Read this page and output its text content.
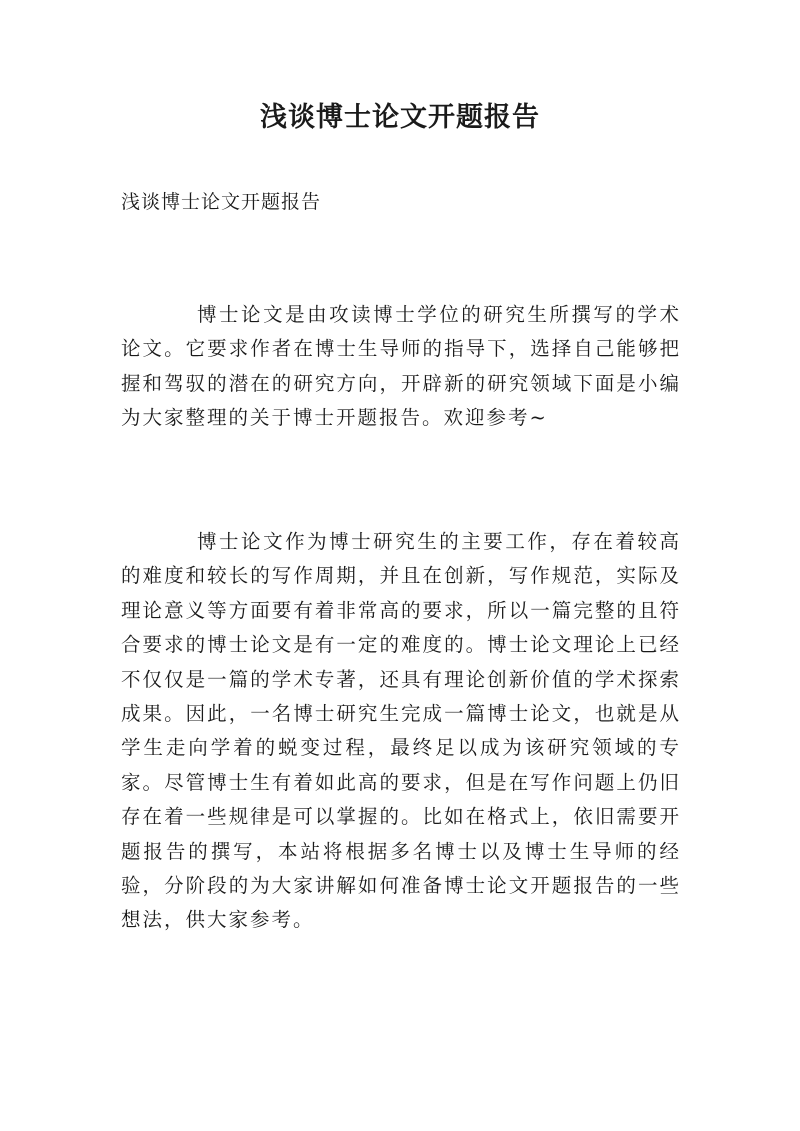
浅谈博士论文开题报告

浅谈博士论文开题报告

博士论文是由攻读博士学位的研究生所撰写的学术论文。它要求作者在博士生导师的指导下，选择自己能够把握和驾驭的潜在的研究方向，开辟新的研究领域下面是小编为大家整理的关于博士开题报告。欢迎参考~

博士论文作为博士研究生的主要工作，存在着较高的难度和较长的写作周期，并且在创新，写作规范，实际及理论意义等方面要有着非常高的要求，所以一篇完整的且符合要求的博士论文是有一定的难度的。博士论文理论上已经不仅仅是一篇的学术专著，还具有理论创新价值的学术探索成果。因此，一名博士研究生完成一篇博士论文，也就是从学生走向学着的蜕变过程，最终足以成为该研究领域的专家。尽管博士生有着如此高的要求，但是在写作问题上仍旧存在着一些规律是可以掌握的。比如在格式上，依旧需要开题报告的撰写，本站将根据多名博士以及博士生导师的经验，分阶段的为大家讲解如何准备博士论文开题报告的一些想法，供大家参考。
